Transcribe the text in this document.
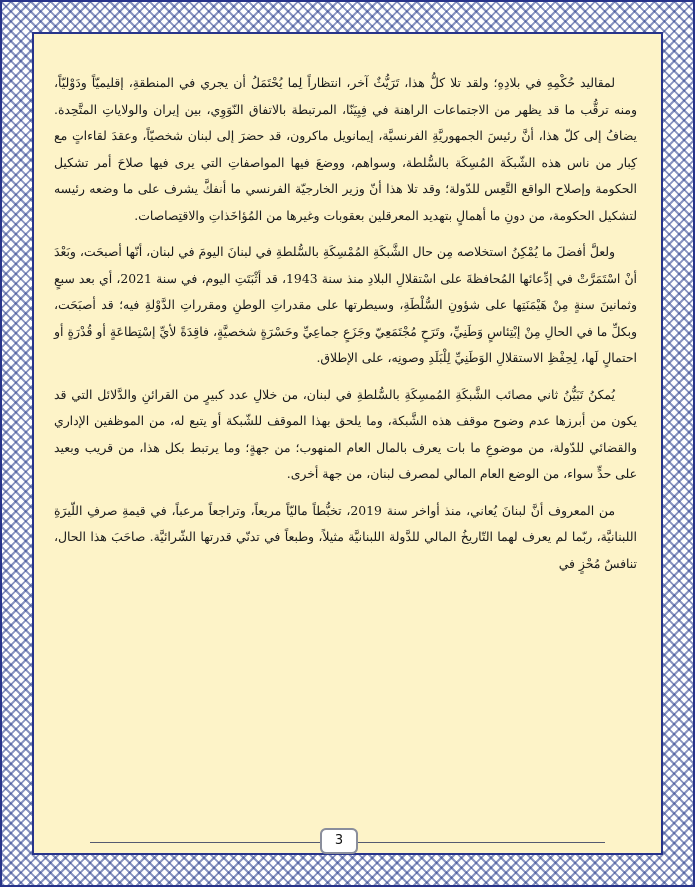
لمقاليد حُكْمِهِ في بلادِهِ؛ ولقد تلا كلُّ هذا، تَرَيُّثٌ آخر، انتظاراً لِما يُحْتَمَلُ أن يجري في المنطقةِ، إقليميّاً ودَوْليّاً، ومنه ترقُّب ما قد يظهر من الاجتماعات الراهنة في فِيِيَنّا، المرتبطة بالاتفاق النّوَوِي، بين إيران والولاياتِ المتَّحِدة. يضافُ إلى كلّ هذا، أنَّ رئيسَ الجمهوريَّةِ الفرنسيَّة، إيمانويل ماكرون، قد حضرَ إلى لبنان شخصيّاً، وعقدَ لقاءاتٍ مع كِبار من ناس هذه الشّبكَة المُسِكَة بالسُّلطة، وسواهم، ووضعَ فيها المواصفاتِ التي يرى فيها صلاحَ أمر تشكيل الحكومة وإصلاح الواقع التَّعِس للدّولة؛ وقد تلا هذا أنّ وزير الخارجيّة الفرنسي ما أنفكَّ يشرف على ما وضعه رئيسه لتشكيل الحكومة، من دونِ ما أهمالٍ بتهديد المعرقلين بعقوبات وغيرها من المُؤاخَذاتِ والاقتِصاصات.

ولعلَّ أفضلَ ما يُمْكِنُ استخلاصه مِن حال الشَّبكَةِ المُمْسِكَةِ بالسُّلطةِ في لبنانَ اليومَ في لبنان، أنّها أصبحَت، وبَعْدَ أنْ اسْتَمَرَّتْ في إدِّعائها المُحافظةَ على اسْتقلالِ البلادِ منذ سنة 1943، قد أثْبَتَتِ اليوم، في سنة 2021، أي بعد سبعٍ وثمانينَ سنةٍ مِنْ هَيْمَنَتِها على شؤونِ السُّلْطَةِ، وسيطرتها على مقدراتِ الوطنِ ومقرراتِ الدَّوْلةِ فيه؛ قد أصبَحَت، وبكلِّ ما في الحالِ مِنْ إبْتِئاسٍ وَطَنِيِّ، وتَرَحٍ مُجْتَمَعِيّ وجَزَعٍ جماعِيِّ وحَسْرَةٍ شخصيَّةٍ، فاقِدَةً لأيِّ إسْتِطاعَةٍ أو قُدْرَةٍ أو احتمالٍ لَها، لِحِفْظِ الاستقلالِ الوَطَنِيِّ لِلْبَلَدِ وصونِه، على الإطلاق.

يُمكنُ تَبَيُّنُ ثاني مصائب الشَّبكَةِ المُمسِكَةِ بالسُّلطةِ في لبنان، من خلالِ عدد كبيرٍ من القرائنِ والدَّلائل التي قد يكون من أبرزها عدم وضوح موقف هذه الشَّبكة، وما يلحق بهذا الموقف للشّبكة أو يتبع له، من الموظفين الإداري والقضائي للدّولة، من موضوعِ ما بات يعرف بالمال العام المنهوب؛ من جهةٍ؛ وما يرتبط بكل هذا، من قريب وبعيد على حدٍّ سواء، من الوضع العام المالي لمصرف لبنان، من جهة أخرى.

من المعروف أنَّ لبنانَ يُعاني، منذ أواخر سنة 2019، تخبُّطاً ماليّاً مريعاً، وتراجعاً مرعباً، في قيمةِ صرفِ اللّيرَةِ اللبنانيَّة، ربّما لم يعرف لهما التّاريخُ المالي للدَّولة اللبنانيَّة مثيلاً، وطبعاً في تدنّي قدرتها الشّرائيَّة. صاحَبَ هذا الحال، تنافسٌ مُحْزٍ في

3
